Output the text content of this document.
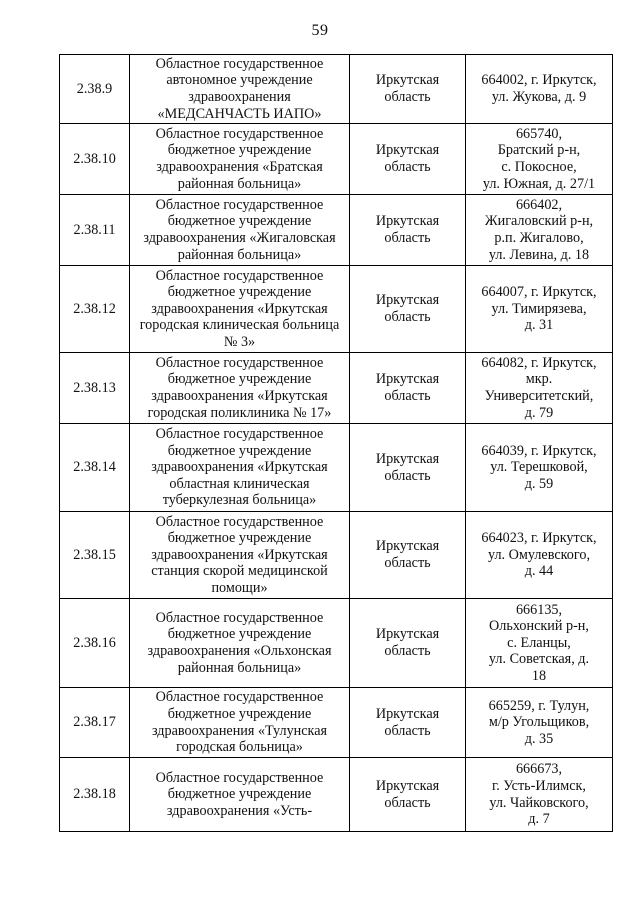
59
2.38.9	Областное государственное
автономное учреждение
здравоохранения
«МЕДСАНЧАСТЬ ИАПО»	Иркутская
область	664002, г. Иркутск,
ул. Жукова, д. 9

2.38.10	Областное государственное
бюджетное учреждение
здравоохранения «Братская
районная больница»	Иркутская
область	665740,
Братский р-н,
с. Покосное,
ул. Южная, д. 27/1

2.38.11	Областное государственное
бюджетное учреждение
здравоохранения «Жигаловская
районная больница»	Иркутская
область	666402,
Жигаловский р-н,
р.п. Жигалово,
ул. Левина, д. 18

2.38.12	Областное государственное
бюджетное учреждение
здравоохранения «Иркутская
городская клиническая больница
№ 3»	Иркутская
область	664007, г. Иркутск,
ул. Тимирязева,
д. 31

2.38.13	Областное государственное
бюджетное учреждение
здравоохранения «Иркутская
городская поликлиника № 17»	Иркутская
область	664082, г. Иркутск,
мкр.
Университетский,
д. 79

2.38.14	Областное государственное
бюджетное учреждение
здравоохранения «Иркутская
областная клиническая
туберкулезная больница»	Иркутская
область	664039, г. Иркутск,
ул. Терешковой,
д. 59

2.38.15	Областное государственное
бюджетное учреждение
здравоохранения «Иркутская
станция скорой медицинской
помощи»	Иркутская
область	664023, г. Иркутск,
ул. Омулевского,
д. 44

2.38.16	Областное государственное
бюджетное учреждение
здравоохранения «Ольхонская
районная больница»	Иркутская
область	666135,
Ольхонский р-н,
с. Еланцы,
ул. Советская, д.
18

2.38.17	Областное государственное
бюджетное учреждение
здравоохранения «Тулунская
городская больница»	Иркутская
область	665259, г. Тулун,
м/р Угольщиков,
д. 35

2.38.18	Областное государственное
бюджетное учреждение
здравоохранения «Усть-	Иркутская
область	666673,
г. Усть-Илимск,
ул. Чайковского,
д. 7
